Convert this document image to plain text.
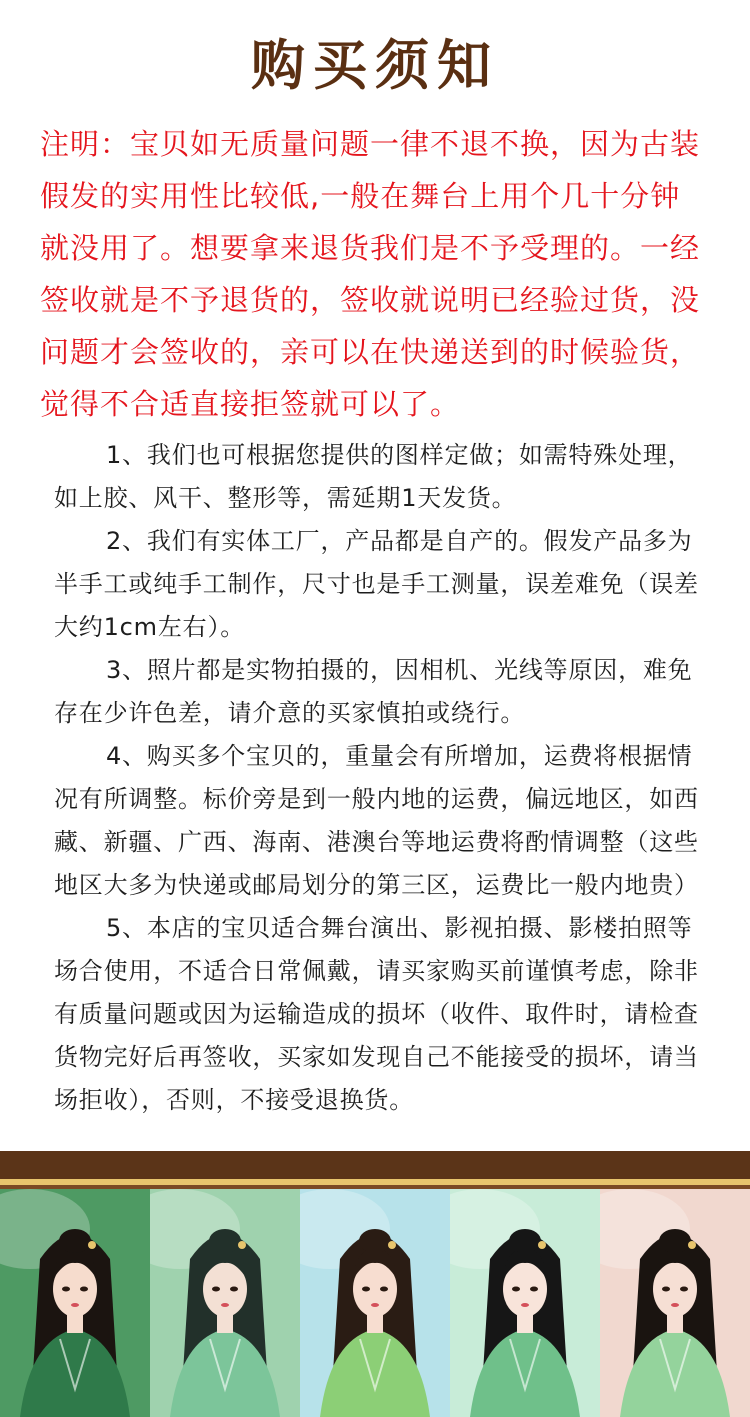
购买须知
注明：宝贝如无质量问题一律不退不换，因为古装假发的实用性比较低,一般在舞台上用个几十分钟就没用了。想要拿来退货我们是不予受理的。一经签收就是不予退货的，签收就说明已经验过货，没问题才会签收的，亲可以在快递送到的时候验货，觉得不合适直接拒签就可以了。

1、我们也可根据您提供的图样定做；如需特殊处理，如上胶、风干、整形等，需延期1天发货。

2、我们有实体工厂，产品都是自产的。假发产品多为半手工或纯手工制作，尺寸也是手工测量，误差难免（误差大约1cm左右）。

3、照片都是实物拍摄的，因相机、光线等原因，难免存在少许色差，请介意的买家慎拍或绕行。

4、购买多个宝贝的，重量会有所增加，运费将根据情况有所调整。标价旁是到一般内地的运费，偏远地区，如西藏、新疆、广西、海南、港澳台等地运费将酌情调整（这些地区大多为快递或邮局划分的第三区，运费比一般内地贵）

5、本店的宝贝适合舞台演出、影视拍摄、影楼拍照等场合使用，不适合日常佩戴，请买家购买前谨慎考虑，除非有质量问题或因为运输造成的损坏（收件、取件时，请检查货物完好后再签收，买家如发现自己不能接受的损坏，请当场拒收），否则，不接受退换货。
